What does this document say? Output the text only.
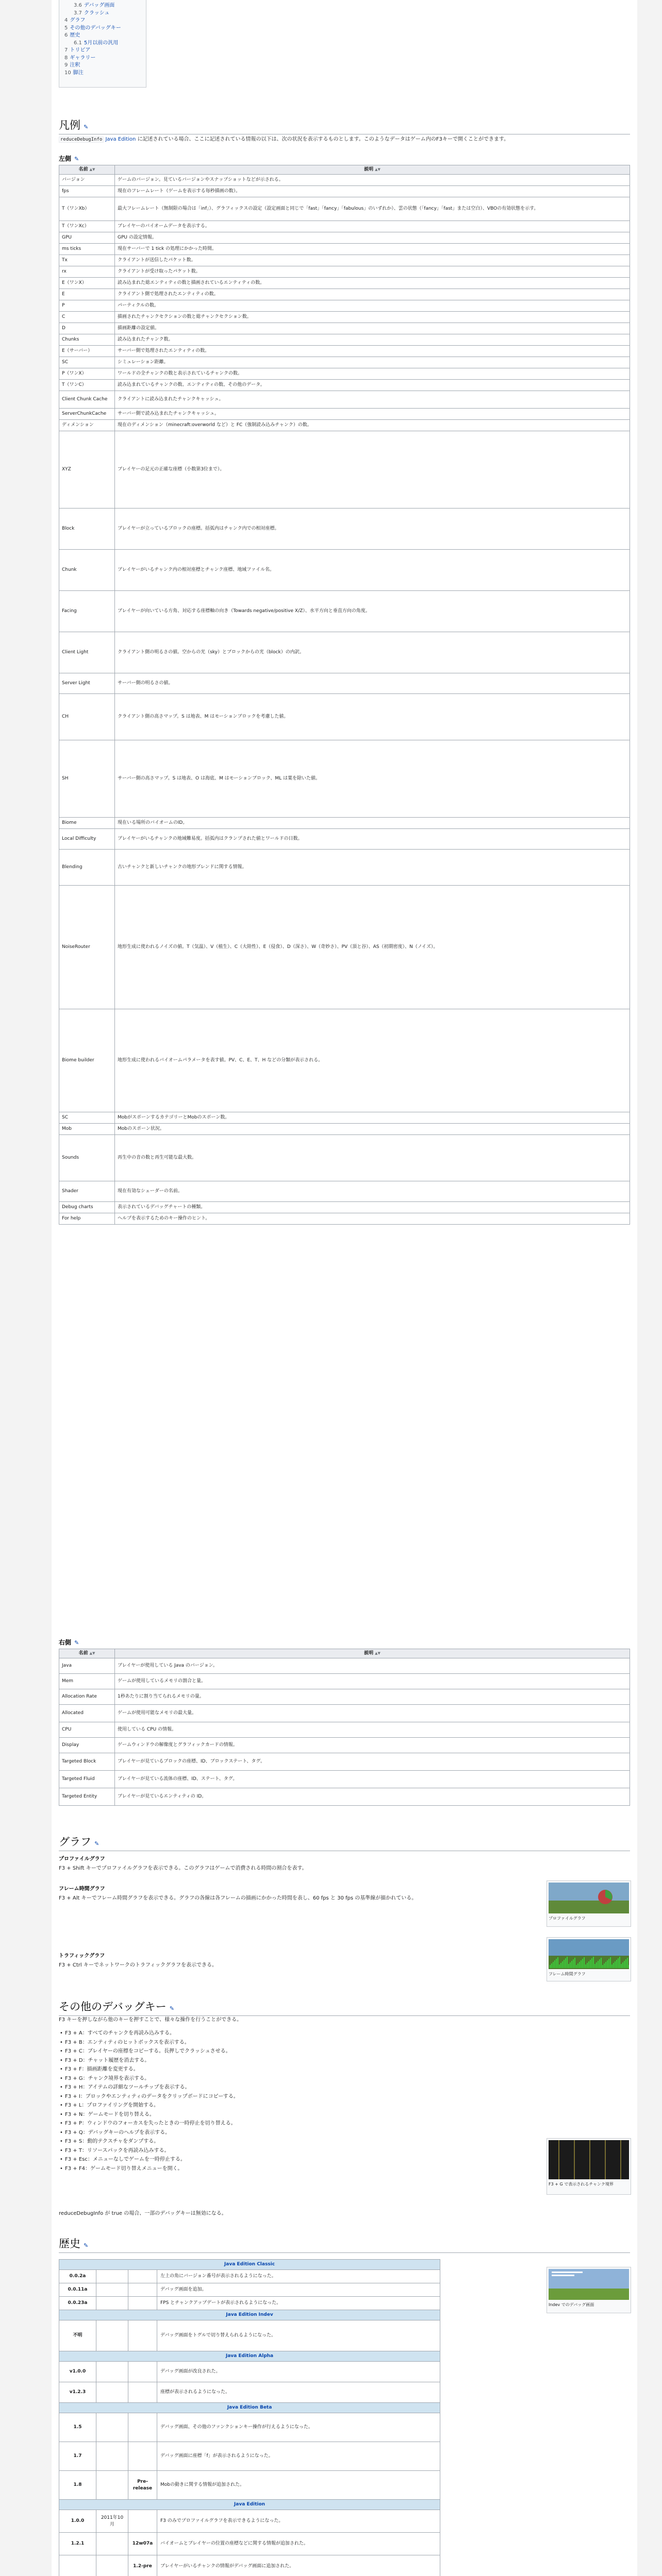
3.6 デバッグ画面
3.7 クラッシュ
4 グラフ
5 その他のデバッグキー
6 歴史
6.1 5月以前の汎用
7 トリビア
8 ギャラリー
9 注釈
10 脚注
凡例 ✎
reduceDebugInfo Java Edition に記述されている場合、ここに記述されている情報の以下は、次の状況を表示するものとします。このようなデータはゲーム内のF3キーで開くことができます。
左側 ✎
名前 ▲▼	説明 ▲▼
バージョン	ゲームのバージョン。見ているバージョンやスナップショットなどが示される。
fps	現在のフレームレート（ゲームを表示する毎秒描画の数）。
T（ワンXb）	最大フレームレート（無制限の場合は「inf」）、グラフィックスの設定（設定画面と同じで「fast」「fancy」「fabulous」のいずれか）、雲の状態（「fancy」「fast」または空白）、VBOの有効状態を示す。
T（ワンXc）	ブレイヤーのバイオームデータを表示する。
GPU	GPU の設定情報。
ms ticks	現在サーバーで 1 tick の処理にかかった時間。
Tx	クライアントが送信したパケット数。
rx	クライアントが受け取ったパケット数。
E（ワンX）	読み込まれた総エンティティの数と描画されているエンティティの数。
E	クライアント側で処理されたエンティティの数。
P	パーティクルの数。
C	描画されたチャンクセクションの数と総チャンクセクション数。
D	描画距離の設定値。
Chunks	読み込まれたチャンク数。
E（サーバー）	サーバー側で処理されたエンティティの数。
SC	シミュレーション距離。
P（ワンX）	ワールドの全チャンクの数と表示されているチャンクの数。
T（ワンC）	読み込まれているチャンクの数、エンティティの数、その他のデータ。
Client Chunk Cache	クライアントに読み込まれたチャンクキャッシュ。
ServerChunkCache	サーバー側で読み込まれたチャンクキャッシュ。
ディメンション	現在のディメンション（minecraft:overworld など）と FC（強制読み込みチャンク）の数。
XYZ	ブレイヤーの足元の正確な座標（小数第3位まで）。
Block	ブレイヤーが立っているブロックの座標。括弧内はチャンク内での相対座標。
Chunk	ブレイヤーがいるチャンク内の相対座標とチャンク座標、地域ファイル名。
Facing	ブレイヤーが向いている方角、対応する座標軸の向き（Towards negative/positive X/Z）、水平方向と垂直方向の角度。
Client Light	クライアント側の明るさの値。空からの光（sky）とブロックからの光（block）の内訳。
Server Light	サーバー側の明るさの値。
CH	クライアント側の高さマップ。S は地表、M はモーションブロックを考慮した値。
SH	サーバー側の高さマップ。S は地表、O は海底、M はモーションブロック、ML は葉を除いた値。
Biome	現在いる場所のバイオームのID。
Local Difficulty	ブレイヤーがいるチャンクの地域難易度。括弧内はクランプされた値とワールドの日数。
Blending	古いチャンクと新しいチャンクの地形ブレンドに関する情報。
NoiseRouter	地形生成に使われるノイズの値。T（気温）、V（植生）、C（大陸性）、E（侵食）、D（深さ）、W（奇妙さ）、PV（頂と谷）、AS（初期密度）、N（ノイズ）。
Biome builder	地形生成に使われるバイオームパラメータを表す値。PV、C、E、T、H などの分類が表示される。
SC	MobがスポーンするカテゴリーとMobのスポーン数。
Mob	Mobのスポーン状況。
Sounds	再生中の音の数と再生可能な最大数。
Shader	現在有効なシェーダーの名前。
Debug charts	表示されているデバッグチャートの種類。
For help	ヘルプを表示するためのキー操作のヒント。
右側 ✎
名前 ▲▼	説明 ▲▼
Java	ブレイヤーが使用している Java のバージョン。
Mem	ゲームが使用しているメモリの割合と量。
Allocation Rate	1秒あたりに割り当てられるメモリの量。
Allocated	ゲームが使用可能なメモリの最大量。
CPU	使用している CPU の情報。
Display	ゲームウィンドウの解像度とグラフィックカードの情報。
Targeted Block	ブレイヤーが見ているブロックの座標、ID、ブロックステート、タグ。
Targeted Fluid	ブレイヤーが見ている流体の座標、ID、ステート、タグ。
Targeted Entity	ブレイヤーが見ているエンティティの ID。
グラフ ✎
プロファイルグラフ
F3 + Shift キーでプロファイルグラフを表示できる。このグラフはゲームで消費される時間の割合を表す。
フレーム時間グラフ
F3 + Alt キーでフレーム時間グラフを表示できる。グラフの各線は各フレームの描画にかかった時間を表し、60 fps と 30 fps の基準線が描かれている。
トラフィックグラフ
F3 + Ctrl キーでネットワークのトラフィックグラフを表示できる。
プロファイルグラフ
フレーム時間グラフ
その他のデバッグキー ✎
F3 キーを押しながら他のキーを押すことで、様々な操作を行うことができる。
• F3 + A：すべてのチャンクを再読み込みする。
• F3 + B：エンティティのヒットボックスを表示する。
• F3 + C：ブレイヤーの座標をコピーする。長押しでクラッシュさせる。
• F3 + D：チャット履歴を消去する。
• F3 + F：描画距離を変更する。
• F3 + G：チャンク境界を表示する。
• F3 + H：アイテムの詳細なツールチップを表示する。
• F3 + I：ブロックやエンティティのデータをクリップボードにコピーする。
• F3 + L：プロファイリングを開始する。
• F3 + N：ゲームモードを切り替える。
• F3 + P：ウィンドウのフォーカスを失ったときの一時停止を切り替える。
• F3 + Q：デバッグキーのヘルプを表示する。
• F3 + S：動的テクスチャをダンプする。
• F3 + T：リソースパックを再読み込みする。
• F3 + Esc：メニューなしでゲームを一時停止する。
• F3 + F4：ゲームモード切り替えメニューを開く。
F3 + G で表示されるチャンク境界
reduceDebugInfo が true の場合、一部のデバッグキーは無効になる。
歴史 ✎
Java Edition Classic			
0.0.2a			左上の角にバージョン番号が表示されるようになった。
0.0.11a			デバッグ画面を追加。
0.0.23a			FPS とチャンクアップデートが表示されるようになった。
Java Edition Indev			
不明			デバッグ画面をトグルで切り替えられるようになった。
Java Edition Alpha			
v1.0.0			デバッグ画面が改良された。
v1.2.3			座標が表示されるようになった。
Java Edition Beta			
1.5			デバッグ画面、その他のファンクションキー操作が行えるようになった。
1.7			デバッグ画面に座標「f」が表示されるようになった。
1.8		Pre-release	Mobの動きに関する情報が追加された。
Java Edition			
1.0.0	2011年10月		F3 のみでプロファイルグラフを表示できるようになった。
1.2.1		12w07a	バイオームとブレイヤーの位置の座標などに関する情報が追加された。
		1.2-pre	ブレイヤーがいるチャンクの情報がデバッグ画面に追加された。

Indev でのデバッグ画面
